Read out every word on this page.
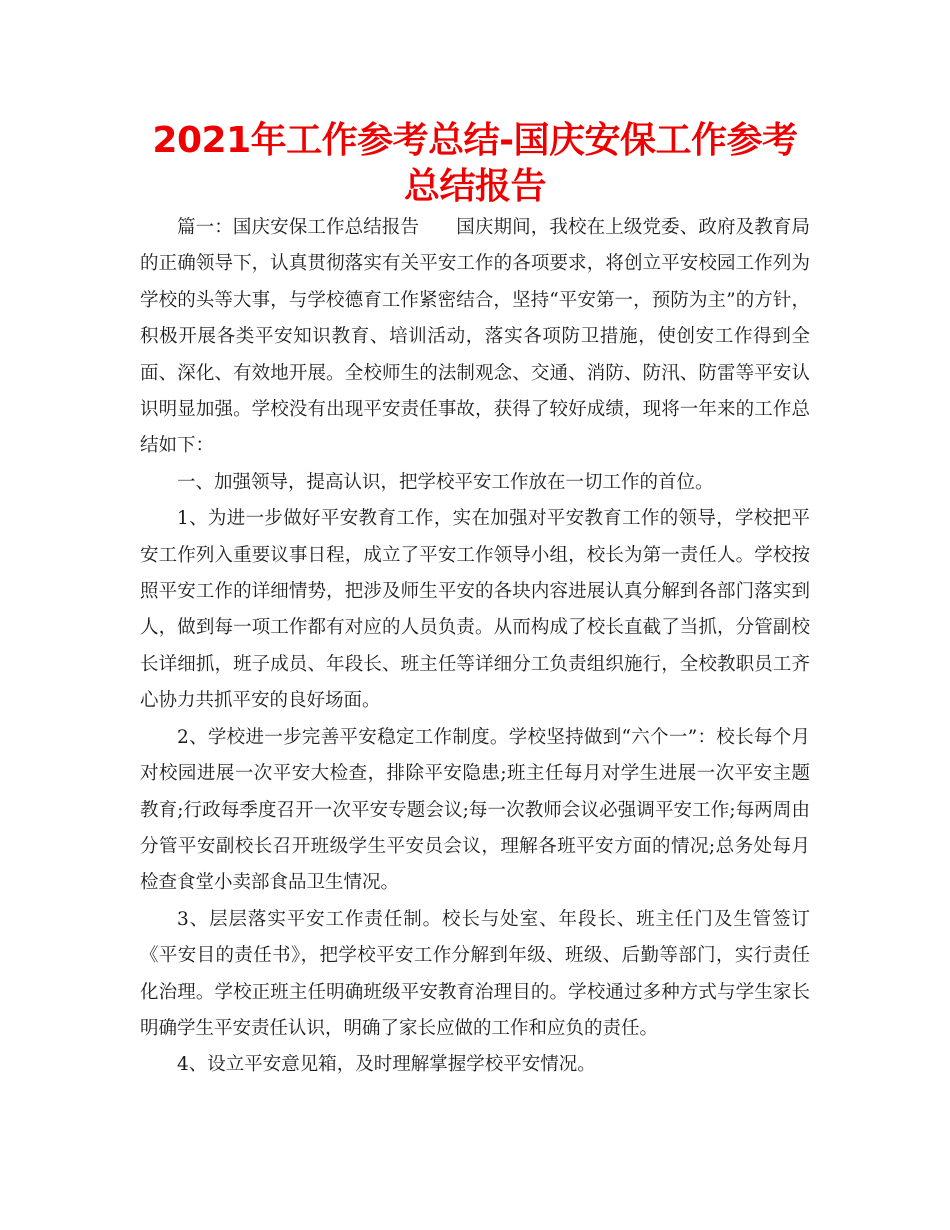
2021年工作参考总结-国庆安保工作参考总结报告

篇一：国庆安保工作总结报告　　国庆期间，我校在上级党委、政府及教育局的正确领导下，认真贯彻落实有关平安工作的各项要求，将创立平安校园工作列为学校的头等大事，与学校德育工作紧密结合，坚持“平安第一，预防为主”的方针，积极开展各类平安知识教育、培训活动，落实各项防卫措施，使创安工作得到全面、深化、有效地开展。全校师生的法制观念、交通、消防、防汛、防雷等平安认识明显加强。学校没有出现平安责任事故，获得了较好成绩，现将一年来的工作总结如下：

一、加强领导，提高认识，把学校平安工作放在一切工作的首位。

1、为进一步做好平安教育工作，实在加强对平安教育工作的领导，学校把平安工作列入重要议事日程，成立了平安工作领导小组，校长为第一责任人。学校按照平安工作的详细情势，把涉及师生平安的各块内容进展认真分解到各部门落实到人，做到每一项工作都有对应的人员负责。从而构成了校长直截了当抓，分管副校长详细抓，班子成员、年段长、班主任等详细分工负责组织施行，全校教职员工齐心协力共抓平安的良好场面。

2、学校进一步完善平安稳定工作制度。学校坚持做到“六个一”：校长每个月对校园进展一次平安大检查，排除平安隐患;班主任每月对学生进展一次平安主题教育;行政每季度召开一次平安专题会议;每一次教师会议必强调平安工作;每两周由分管平安副校长召开班级学生平安员会议，理解各班平安方面的情况;总务处每月检查食堂小卖部食品卫生情况。

3、层层落实平安工作责任制。校长与处室、年段长、班主任门及生管签订《平安目的责任书》，把学校平安工作分解到年级、班级、后勤等部门，实行责任化治理。学校正班主任明确班级平安教育治理目的。学校通过多种方式与学生家长明确学生平安责任认识，明确了家长应做的工作和应负的责任。

4、设立平安意见箱，及时理解掌握学校平安情况。
